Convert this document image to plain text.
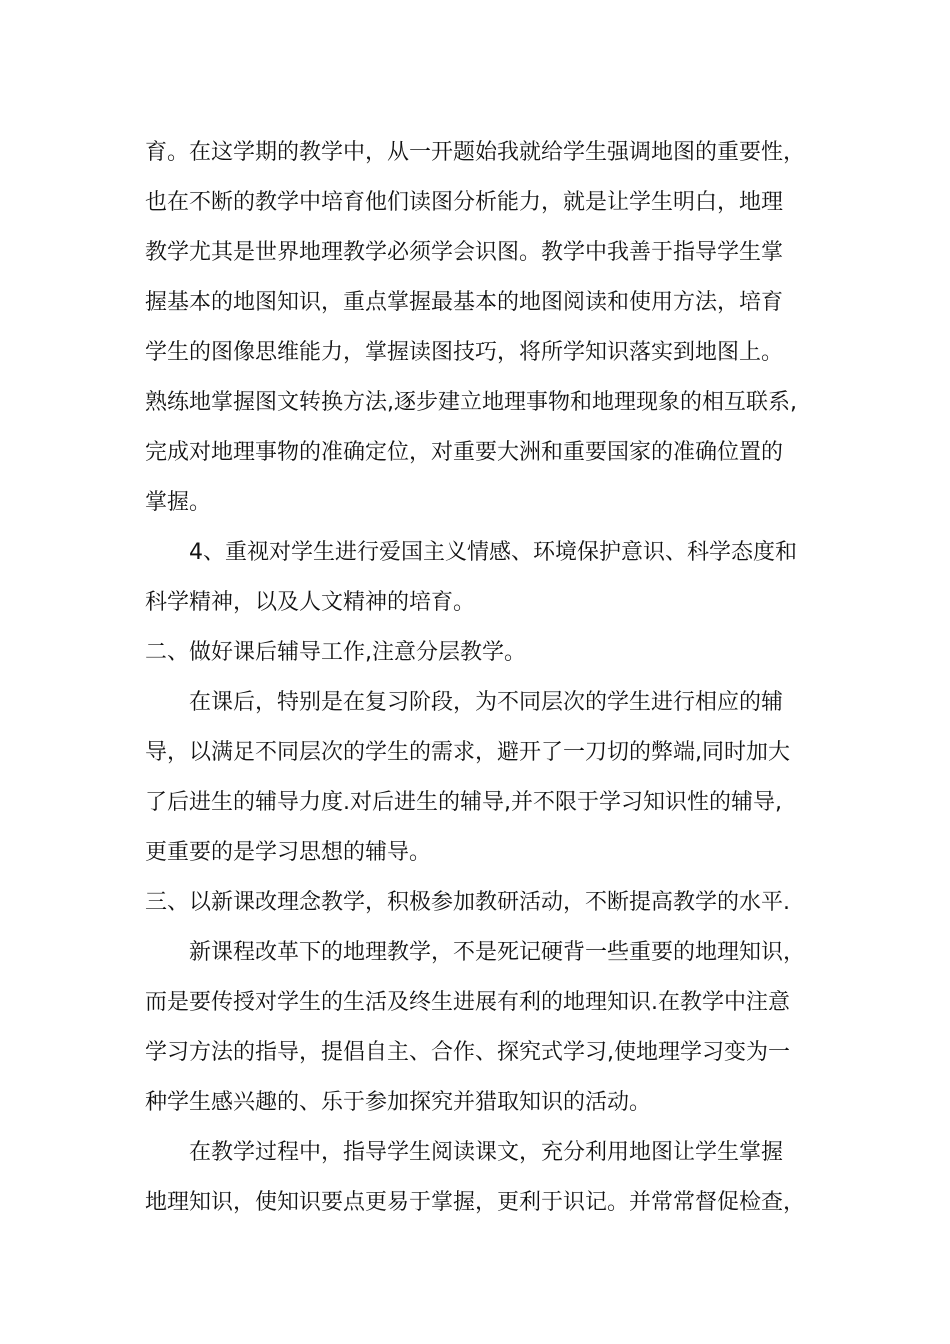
育。在这学期的教学中，从一开题始我就给学生强调地图的重要性，
也在不断的教学中培育他们读图分析能力，就是让学生明白，地理
教学尤其是世界地理教学必须学会识图。教学中我善于指导学生掌
握基本的地图知识，重点掌握最基本的地图阅读和使用方法，培育
学生的图像思维能力，掌握读图技巧，将所学知识落实到地图上。
熟练地掌握图文转换方法,逐步建立地理事物和地理现象的相互联系,
完成对地理事物的准确定位，对重要大洲和重要国家的准确位置的
掌握。
4、重视对学生进行爱国主义情感、环境保护意识、科学态度和
科学精神，以及人文精神的培育。
二、做好课后辅导工作,注意分层教学。
在课后，特别是在复习阶段，为不同层次的学生进行相应的辅
导，以满足不同层次的学生的需求，避开了一刀切的弊端,同时加大
了后进生的辅导力度.对后进生的辅导,并不限于学习知识性的辅导,
更重要的是学习思想的辅导。
三、以新课改理念教学，积极参加教研活动，不断提高教学的水平.
新课程改革下的地理教学，不是死记硬背一些重要的地理知识，
而是要传授对学生的生活及终生进展有利的地理知识.在教学中注意
学习方法的指导，提倡自主、合作、探究式学习,使地理学习变为一
种学生感兴趣的、乐于参加探究并猎取知识的活动。
在教学过程中，指导学生阅读课文，充分利用地图让学生掌握
地理知识，使知识要点更易于掌握，更利于识记。并常常督促检查，
